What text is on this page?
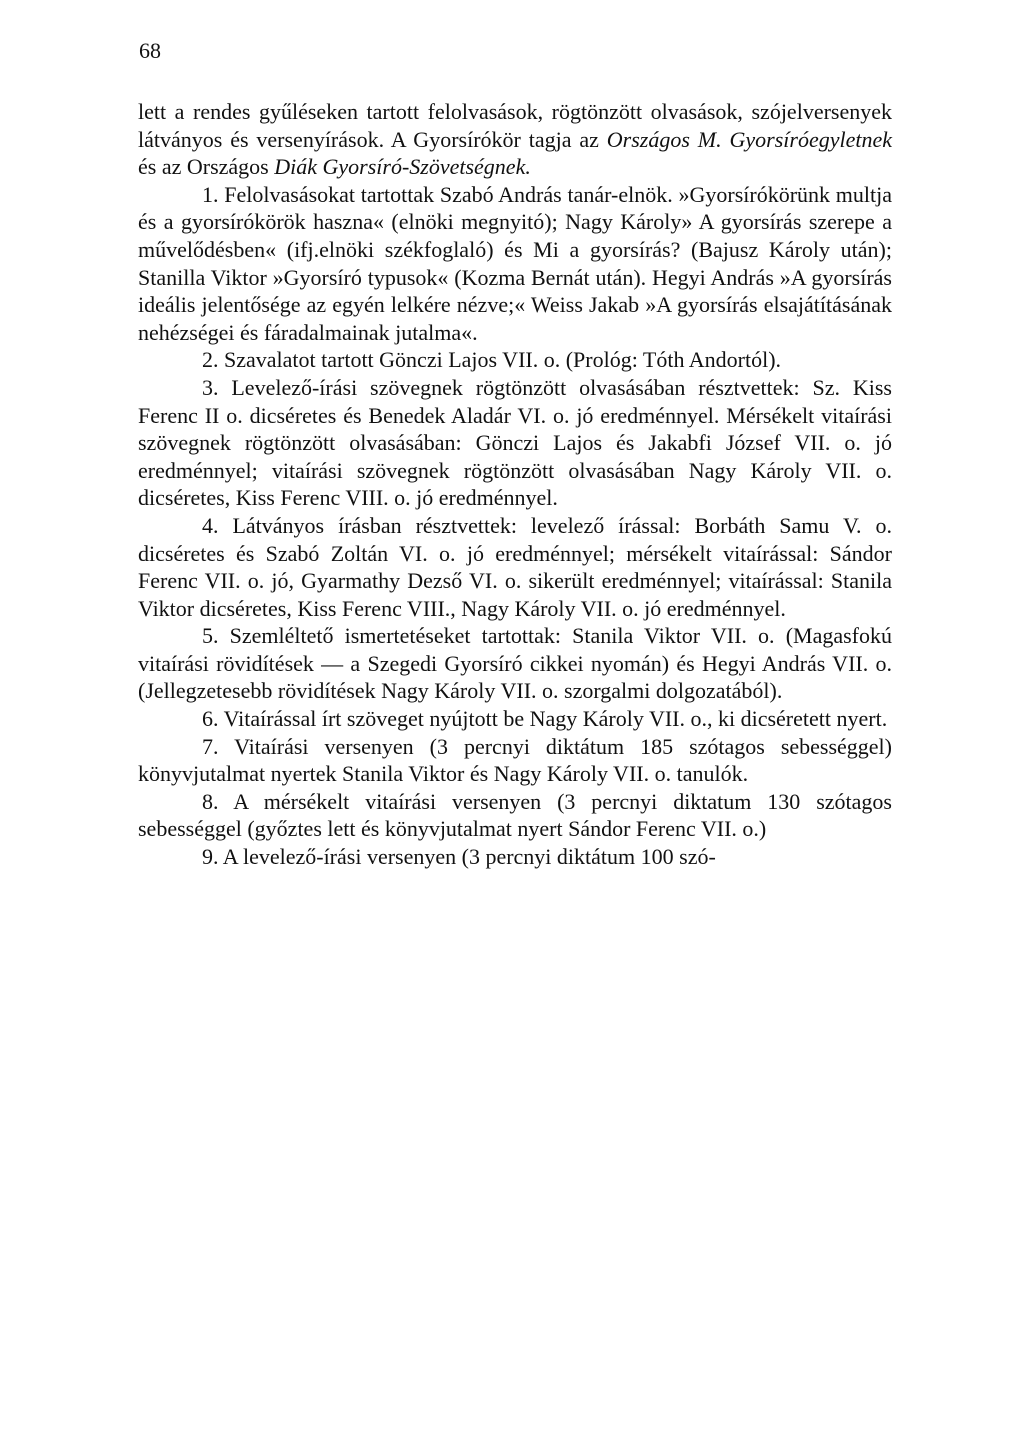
68

lett a rendes gyűléseken tartott felolvasások, rögtönzött olvasások, szójelversenyek látványos és versenyírások. A Gyorsírókör tagja az Országos M. Gyorsíróegyletnek és az Országos Diák Gyorsíró-Szövetségnek.

1. Felolvasásokat tartottak Szabó András tanár-elnök. »Gyorsírókörünk multja és a gyorsírókörök haszna« (elnöki megnyitó); Nagy Károly» A gyorsírás szerepe a művelődésben« (ifj.elnöki székfoglaló) és Mi a gyorsírás? (Bajusz Károly után); Stanilla Viktor »Gyorsíró typusok« (Kozma Bernát után). Hegyi András »A gyorsírás ideális jelentősége az egyén lelkére nézve;« Weiss Jakab »A gyorsírás elsajátításának nehézségei és fáradalmainak jutalma«.

2. Szavalatot tartott Gönczi Lajos VII. o. (Prológ: Tóth Andortól).

3. Levelező-írási szövegnek rögtönzött olvasásában résztvettek: Sz. Kiss Ferenc II o. dicséretes és Benedek Aladár VI. o. jó eredménnyel. Mérsékelt vitaírási szövegnek rögtönzött olvasásában: Gönczi Lajos és Jakabfi József VII. o. jó eredménnyel; vitaírási szövegnek rögtönzött olvasásában Nagy Károly VII. o. dicséretes, Kiss Ferenc VIII. o. jó eredménnyel.

4. Látványos írásban résztvettek: levelező írással: Borbáth Samu V. o. dicséretes és Szabó Zoltán VI. o. jó eredménnyel; mérsékelt vitaírással: Sándor Ferenc VII. o. jó, Gyarmathy Dezső VI. o. sikerült eredménnyel; vitaírással: Stanila Viktor dicséretes, Kiss Ferenc VIII., Nagy Károly VII. o. jó eredménnyel.

5. Szemléltető ismertetéseket tartottak: Stanila Viktor VII. o. (Magasfokú vitaírási rövidítések — a Szegedi Gyorsíró cikkei nyomán) és Hegyi András VII. o. (Jellegzetesebb rövidítések Nagy Károly VII. o. szorgalmi dolgozatából).

6. Vitaírással írt szöveget nyújtott be Nagy Károly VII. o., ki dicséretett nyert.

7. Vitaírási versenyen (3 percnyi diktátum 185 szótagos sebességgel) könyvjutalmat nyertek Stanila Viktor és Nagy Károly VII. o. tanulók.

8. A mérsékelt vitaírási versenyen (3 percnyi diktatum 130 szótagos sebességgel (győztes lett és könyvjutalmat nyert Sándor Ferenc VII. o.)

9. A levelező-írási versenyen (3 percnyi diktátum 100 szó-
